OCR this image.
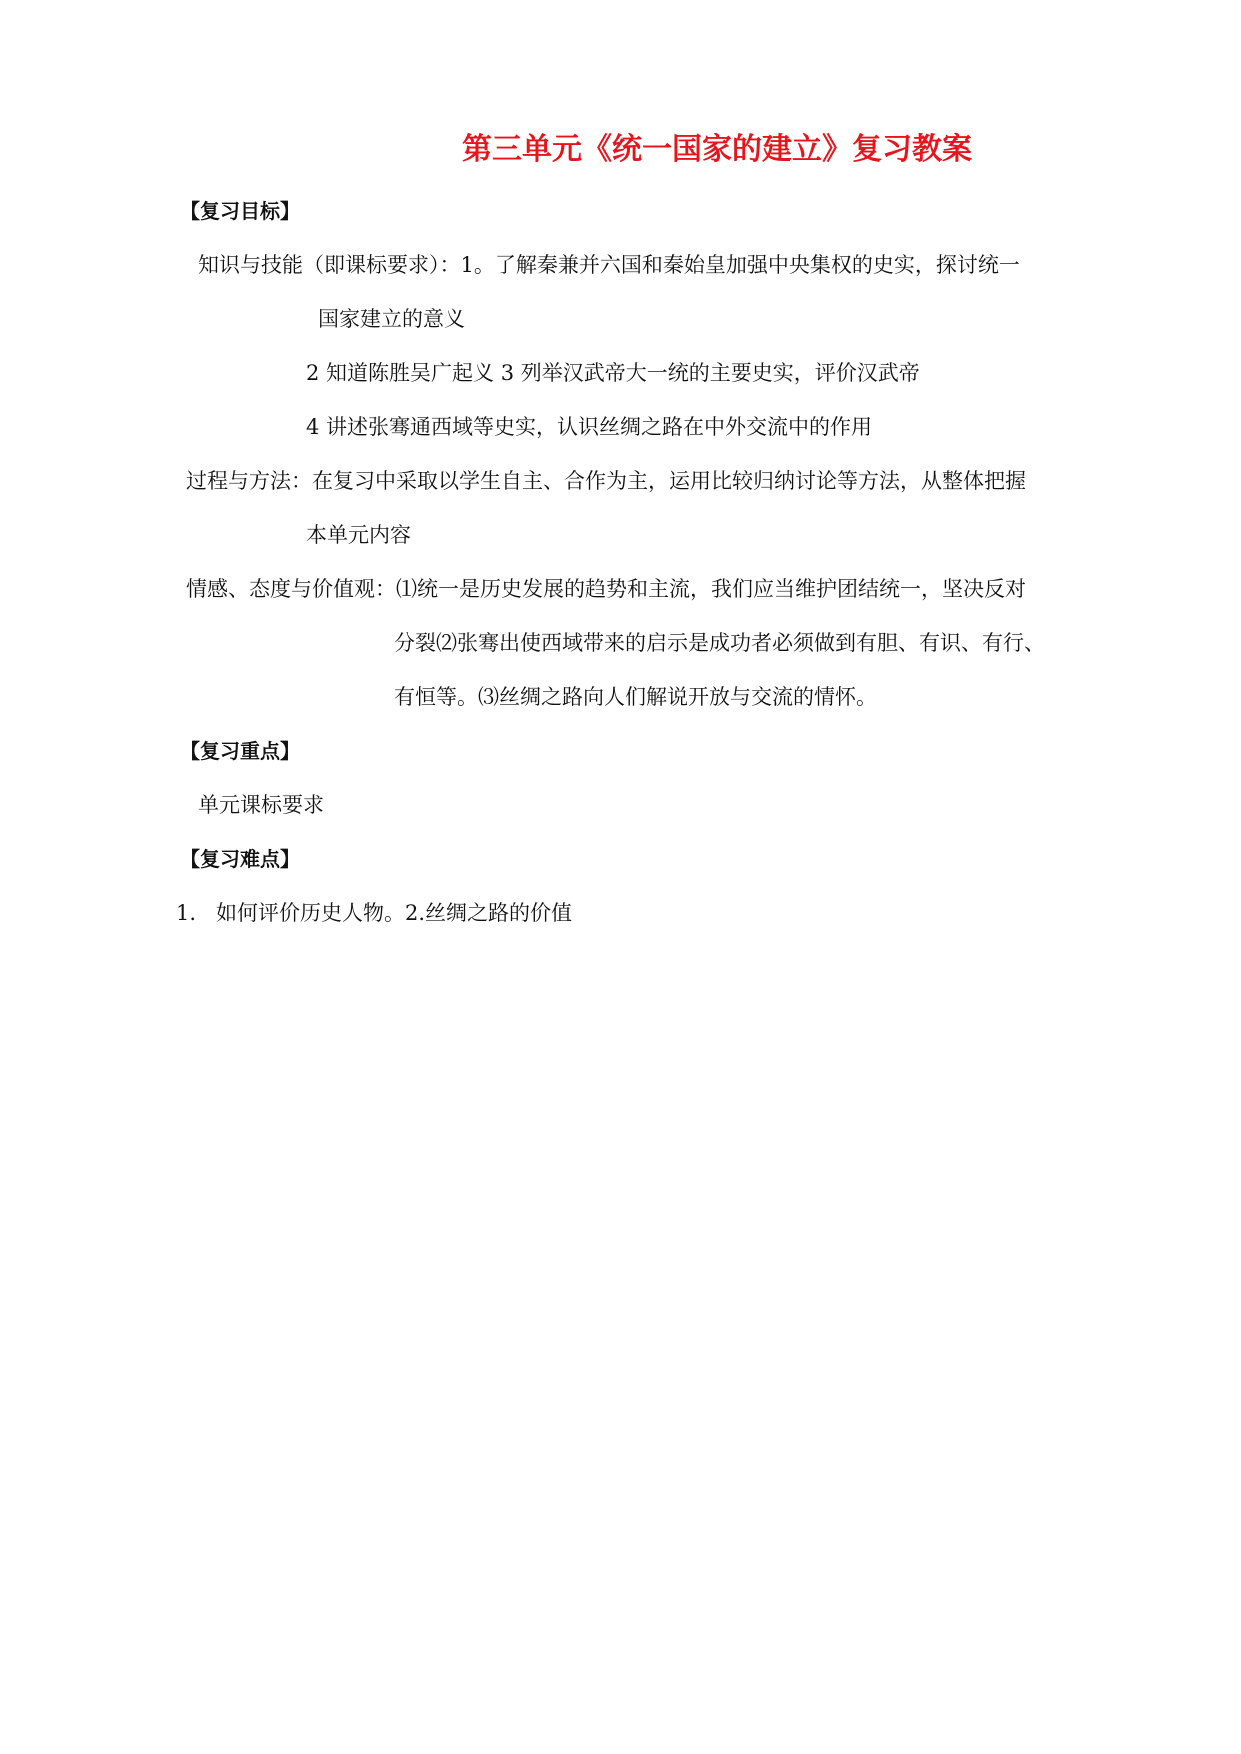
第三单元《统一国家的建立》复习教案
【复习目标】
知识与技能（即课标要求）：1。了解秦兼并六国和秦始皇加强中央集权的史实，探讨统一
国家建立的意义
2 知道陈胜吴广起义 3 列举汉武帝大一统的主要史实，评价汉武帝
4 讲述张骞通西域等史实，认识丝绸之路在中外交流中的作用
过程与方法：在复习中采取以学生自主、合作为主，运用比较归纳讨论等方法，从整体把握
本单元内容
情感、态度与价值观：⑴统一是历史发展的趋势和主流，我们应当维护团结统一，坚决反对
分裂⑵张骞出使西域带来的启示是成功者必须做到有胆、有识、有行、
有恒等。⑶丝绸之路向人们解说开放与交流的情怀。
【复习重点】
单元课标要求
【复习难点】
1. 如何评价历史人物。2.丝绸之路的价值
